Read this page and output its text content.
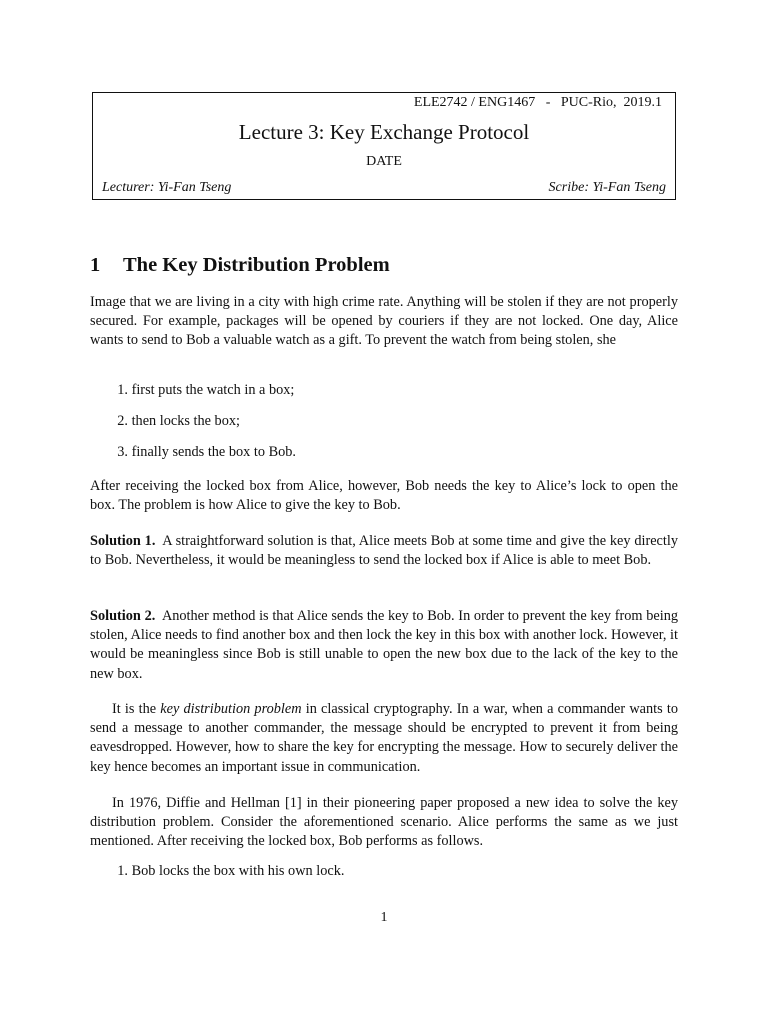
ELE2742 / ENG1467   -   PUC-Rio,  2019.1
Lecture 3: Key Exchange Protocol
DATE
Lecturer: Yi-Fan Tseng	Scribe: Yi-Fan Tseng
1 The Key Distribution Problem

Image that we are living in a city with high crime rate. Anything will be stolen if they are not properly secured. For example, packages will be opened by couriers if they are not locked. One day, Alice wants to send to Bob a valuable watch as a gift. To prevent the watch from being stolen, she

1. first puts the watch in a box;
2. then locks the box;
3. finally sends the box to Bob.

After receiving the locked box from Alice, however, Bob needs the key to Alice’s lock to open the box. The problem is how Alice to give the key to Bob.

Solution 1. A straightforward solution is that, Alice meets Bob at some time and give the key directly to Bob. Nevertheless, it would be meaningless to send the locked box if Alice is able to meet Bob.

Solution 2. Another method is that Alice sends the key to Bob. In order to prevent the key from being stolen, Alice needs to find another box and then lock the key in this box with another lock. However, it would be meaningless since Bob is still unable to open the new box due to the lack of the key to the new box.

It is the key distribution problem in classical cryptography. In a war, when a commander wants to send a message to another commander, the message should be encrypted to prevent it from being eavesdropped. However, how to share the key for encrypting the message. How to securely deliver the key hence becomes an important issue in communication.

In 1976, Diffie and Hellman [1] in their pioneering paper proposed a new idea to solve the key distribution problem. Consider the aforementioned scenario. Alice performs the same as we just mentioned. After receiving the locked box, Bob performs as follows.

1. Bob locks the box with his own lock.
1
